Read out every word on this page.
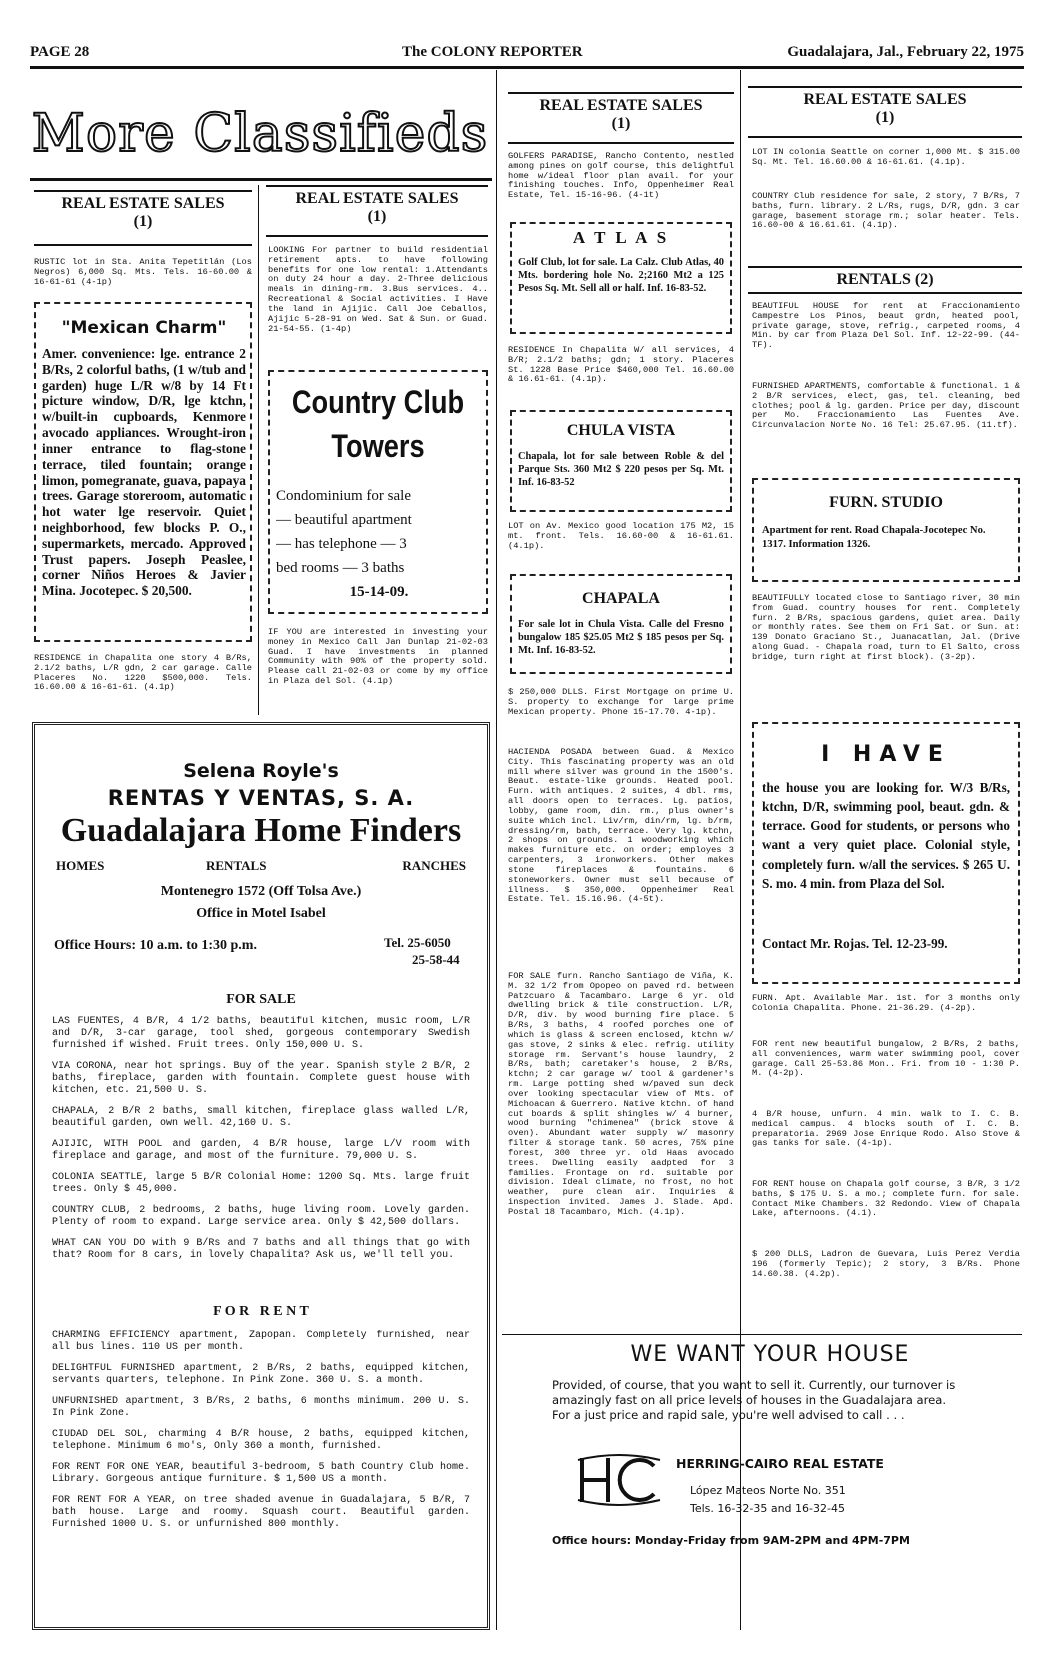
PAGE 28	The COLONY REPORTER	Guadalajara, Jal., February 22, 1975
More Classifieds
REAL ESTATE SALES
(1)
RUSTIC lot in Sta. Anita Tepetitlán (Los Negros) 6,000 Sq. Mts. Tels. 16-60.00 & 16-61-61 (4-1p)
"Mexican Charm"
Amer. convenience: lge. entrance 2 B/Rs, 2 colorful baths, (1 w/tub and garden) huge L/R w/8 by 14 Ft picture window, D/R, lge ktchn, w/built-in cupboards, Kenmore avocado appliances. Wrought-iron inner entrance to flag-stone terrace, tiled fountain; orange limon, pomegranate, guava, papaya trees. Garage storeroom, automatic hot water lge reservoir. Quiet neighborhood, few blocks P. O., supermarkets, mercado. Approved Trust papers. Joseph Peaslee, corner Niños Heroes & Javier Mina. Jocotepec. $ 20,500.
RESIDENCE in Chapalita one story 4 B/Rs, 2.1/2 baths, L/R gdn, 2 car garage. Calle Placeres No. 1220 $500,000. Tels. 16.60.00 & 16-61-61. (4.1p)
REAL ESTATE SALES
(1)
LOOKING For partner to build residential retirement apts. to have following benefits for one low rental: 1.Attendants on duty 24 hour a day. 2-Three delicious meals in dining-rm. 3.Bus services. 4.. Recreational & Social activities. I Have the land in Ajijic. Call Joe Ceballos, Ajijic 5-28-91 on Wed. Sat & Sun. or Guad. 21-54-55. (1-4p)
Country Club
Towers
Condominium for sale
— beautiful apartment
— has telephone — 3
bed rooms — 3 baths
15-14-09.
IF YOU are interested in investing your money in Mexico Call Jan Dunlap 21-02-03 Guad. I have investments in planned Community with 90% of the property sold. Please call 21-02-03 or come by my office in Plaza del Sol. (4.1p)
Selena Royle's
RENTAS Y VENTAS, S. A.
Guadalajara Home Finders
HOMES	RENTALS	RANCHES
Montenegro 1572 (Off Tolsa Ave.)
Office in Motel Isabel
Office Hours: 10 a.m. to 1:30 p.m.	Tel. 25-6050
25-58-44
FOR SALE

LAS FUENTES, 4 B/R, 4 1/2 baths, beautiful kitchen, music room, L/R and D/R, 3-car garage, tool shed, gorgeous contemporary Swedish furnished if wished. Fruit trees. Only 150,000 U. S.

VIA CORONA, near hot springs. Buy of the year. Spanish style 2 B/R, 2 baths, fireplace, garden with fountain. Complete guest house with kitchen, etc. 21,500 U. S.

CHAPALA, 2 B/R 2 baths, small kitchen, fireplace glass walled L/R, beautiful garden, own well. 42,160 U. S.

AJIJIC, WITH POOL and garden, 4 B/R house, large L/V room with fireplace and garage, and most of the furniture. 79,000 U. S.

COLONIA SEATTLE, large 5 B/R Colonial Home: 1200 Sq. Mts. large fruit trees. Only $ 45,000.

COUNTRY CLUB, 2 bedrooms, 2 baths, huge living room. Lovely garden. Plenty of room to expand. Large service area. Only $ 42,500 dollars.

WHAT CAN YOU DO with 9 B/Rs and 7 baths and all things that go with that? Room for 8 cars, in lovely Chapalita? Ask us, we'll tell you.

F O R   R E N T

CHARMING EFFICIENCY apartment, Zapopan. Completely furnished, near all bus lines. 110 US per month.

DELIGHTFUL FURNISHED apartment, 2 B/Rs, 2 baths, equipped kitchen, servants quarters, telephone. In Pink Zone. 360 U. S. a month.

UNFURNISHED apartment, 3 B/Rs, 2 baths, 6 months minimum. 200 U. S. In Pink Zone.

CIUDAD DEL SOL, charming 4 B/R house, 2 baths, equipped kitchen, telephone. Minimum 6 mo's, Only 360 a month, furnished.

FOR RENT FOR ONE YEAR, beautiful 3-bedroom, 5 bath Country Club home. Library. Gorgeous antique furniture. $ 1,500 US a month.

FOR RENT FOR A YEAR, on tree shaded avenue in Guadalajara, 5 B/R, 7 bath house. Large and roomy. Squash court. Beautiful garden. Furnished 1000 U. S. or unfurnished 800 monthly.

REAL ESTATE SALES
(1)
GOLFERS PARADISE, Rancho Contento, nestled among pines on golf course, this delightful home w/ideal floor plan avail. for your finishing touches. Info, Oppenheimer Real Estate, Tel. 15-16-96. (4-1t)
A T L A S
Golf Club, lot for sale. La Calz. Club Atlas, 40 Mts. bordering hole No. 2;2160 Mt2 a 125 Pesos Sq. Mt. Sell all or half. Inf. 16-83-52.
RESIDENCE In Chapalita W/ all services, 4 B/R; 2.1/2 baths; gdn; 1 story. Placeres St. 1228 Base Price $460,000 Tel. 16.60.00 & 16.61-61. (4.1p).
CHULA VISTA
Chapala, lot for sale between Roble & del Parque Sts. 360 Mt2 $ 220 pesos per Sq. Mt. Inf. 16-83-52
LOT on Av. Mexico good location 175 M2, 15 mt. front. Tels. 16.60-00 & 16-61.61. (4.1p).
CHAPALA
For sale lot in Chula Vista. Calle del Fresno bungalow 185 $25.05 Mt2 $ 185 pesos per Sq. Mt. Inf. 16-83-52.
$ 250,000 DLLS. First Mortgage on prime U. S. property to exchange for large prime Mexican property. Phone 15-17.70. 4-1p).
HACIENDA POSADA between Guad. & Mexico City. This fascinating property was an old mill where silver was ground in the 1500's. Beaut. estate-like grounds. Heated pool. Furn. with antiques. 2 suites, 4 dbl. rms, all doors open to terraces. Lg. patios, lobby, game room, din. rm., plus owner's suite which incl. Liv/rm, din/rm, lg. b/rm, dressing/rm, bath, terrace. Very lg. ktchn, 2 shops on grounds. 1 woodworking which makes furniture etc. on order; employes 3 carpenters, 3 ironworkers. Other makes stone fireplaces & fountains. 6 stoneworkers. Owner must sell because of illness. $ 350,000. Oppenheimer Real Estate. Tel. 15.16.96. (4-5t).
FOR SALE furn. Rancho Santiago de Viña, K. M. 32 1/2 from Opopeo on paved rd. between Patzcuaro & Tacambaro. Large 6 yr. old dwelling brick & tile construction. L/R, D/R, div. by wood burning fire place. 5 B/Rs, 3 baths, 4 roofed porches one of which is glass & screen enclosed, ktchn w/ gas stove, 2 sinks & elec. refrig. utility storage rm. Servant's house laundry, 2 B/Rs, bath; caretaker's house, 2 B/Rs, ktchn; 2 car garage w/ tool & gardener's rm. Large potting shed w/paved sun deck over looking spectacular view of Mts. of Michoacan & Guerrero. Native ktchn. of hand cut boards & split shingles w/ 4 burner, wood burning "chimenea" (brick stove & oven). Abundant water supply w/ masonry filter & storage tank. 50 acres, 75% pine forest, 300 three yr. old Haas avocado trees. Dwelling easily aadpted for 3 families. Frontage on rd. suitable por division. Ideal climate, no frost, no hot weather, pure clean air. Inquiries & inspection invited. James J. Slade. Apd. Postal 18 Tacambaro, Mich. (4.1p).
WE WANT YOUR HOUSE
Provided, of course, that you want to sell it. Currently, our turnover is amazingly fast on all price levels of houses in the Guadalajara area. For a just price and rapid sale, you're well advised to call . . .
HERRING-CAIRO REAL ESTATE
López Mateos Norte No. 351
Tels. 16-32-35 and 16-32-45
Office hours: Monday-Friday from 9AM-2PM and 4PM-7PM
REAL ESTATE SALES
(1)
LOT IN colonia Seattle on corner 1,000 Mt. $ 315.00 Sq. Mt. Tel. 16.60.00 & 16-61.61. (4.1p).
COUNTRY Club residence for sale, 2 story, 7 B/Rs, 7 baths, furn. library. 2 L/Rs, rugs, D/R, gdn. 3 car garage, basement storage rm.; solar heater. Tels. 16.60-00 & 16.61.61. (4.1p).
RENTALS (2)
BEAUTIFUL HOUSE for rent at Fraccionamiento Campestre Los Pinos, beaut grdn, heated pool, private garage, stove, refrig., carpeted rooms, 4 Min. by car from Plaza Del Sol. Inf. 12-22-99. (44-TF).
FURNISHED APARTMENTS, comfortable & functional. 1 & 2 B/R services, elect, gas, tel. cleaning, bed clothes; pool & lg. garden. Price per day, discount per Mo. Fraccionamiento Las Fuentes Ave. Circunvalacion Norte No. 16 Tel: 25.67.95. (11.tf).
FURN. STUDIO
Apartment for rent. Road Chapala-Jocotepec No. 1317. Information 1326.
BEAUTIFULLY located close to Santiago river, 30 min from Guad. country houses for rent. Completely furn. 2 B/Rs, spacious gardens, quiet area. Daily or monthly rates. See them on Fri Sat. or Sun. at: 139 Donato Graciano St., Juanacatlan, Jal. (Drive along Guad. - Chapala road, turn to El Salto, cross bridge, turn right at first block). (3-2p).
I HAVE
the house you are looking for. W/3 B/Rs, ktchn, D/R, swimming pool, beaut. gdn. & terrace. Good for students, or persons who want a very quiet place. Colonial style, completely furn. w/all the services. $ 265 U. S. mo. 4 min. from Plaza del Sol.
Contact Mr. Rojas. Tel. 12-23-99.
FURN. Apt. Available Mar. 1st. for 3 months only Colonia Chapalita. Phone. 21-36.29. (4-2p).
FOR rent new beautiful bungalow, 2 B/Rs, 2 baths, all conveniences, warm water swimming pool, cover garage. Call 25-53.86 Mon.. Fri. from 10 - 1:30 P. M. (4-2p).
4 B/R house, unfurn. 4 min. walk to I. C. B. medical campus. 4 blocks south of I. C. B. preparatoria. 2969 Jose Enrique Rodo. Also Stove & gas tanks for sale. (4-1p).
FOR RENT house on Chapala golf course, 3 B/R, 3 1/2 baths, $ 175 U. S. a mo.; complete furn. for sale. Contact Mike Chambers. 32 Redondo. View of Chapala Lake, afternoons. (4.1).
$ 200 DLLS, Ladron de Guevara, Luis Perez Verdia 196 (formerly Tepic); 2 story, 3 B/Rs. Phone 14.60.38. (4.2p).
